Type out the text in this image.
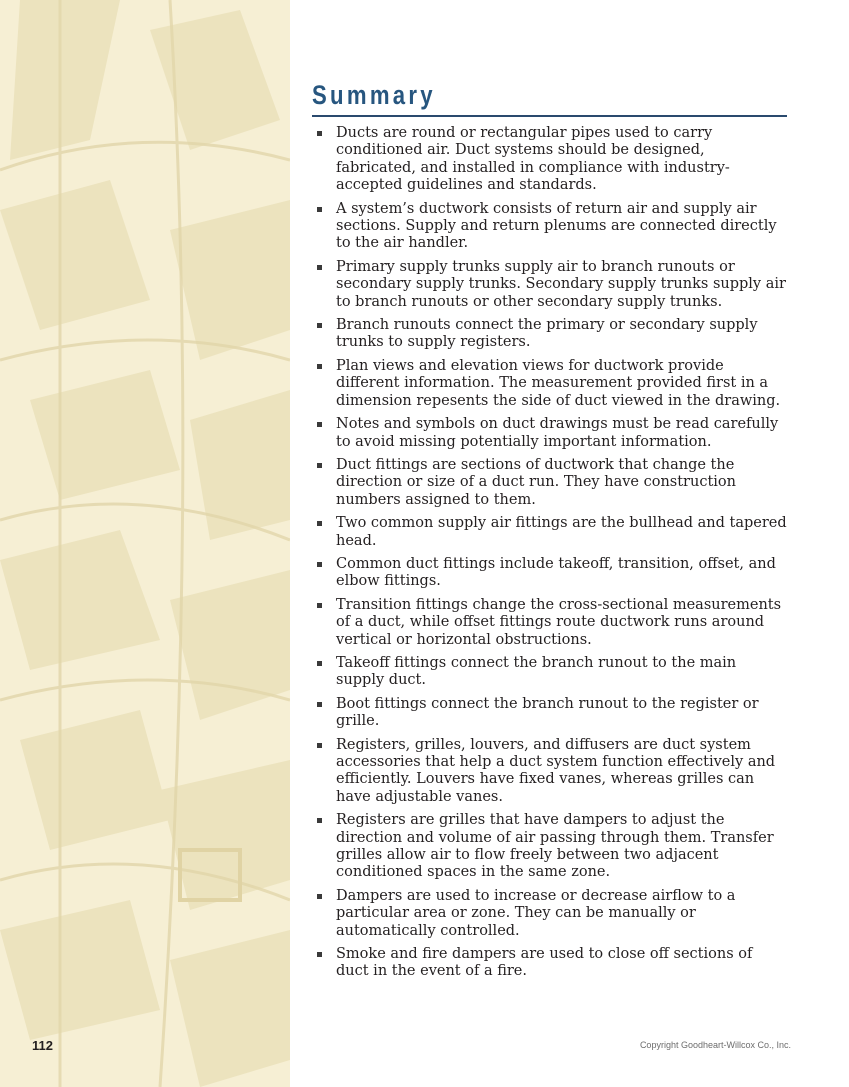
Summary
Ducts are round or rectangular pipes used to carry conditioned air. Duct systems should be designed, fabricated, and installed in compliance with industry-accepted guidelines and standards.
A system’s ductwork consists of return air and supply air sections. Supply and return plenums are connected directly to the air handler.
Primary supply trunks supply air to branch runouts or secondary supply trunks. Secondary supply trunks supply air to branch runouts or other secondary supply trunks.
Branch runouts connect the primary or secondary supply trunks to supply registers.
Plan views and elevation views for ductwork provide different information. The measurement provided first in a dimension repesents the side of duct viewed in the drawing.
Notes and symbols on duct drawings must be read carefully to avoid missing potentially important information.
Duct fittings are sections of ductwork that change the direction or size of a duct run. They have construction numbers assigned to them.
Two common supply air fittings are the bullhead and tapered head.
Common duct fittings include takeoff, transition, offset, and elbow fittings.
Transition fittings change the cross-sectional measurements of a duct, while offset fittings route ductwork runs around vertical or horizontal obstructions.
Takeoff fittings connect the branch runout to the main supply duct.
Boot fittings connect the branch runout to the register or grille.
Registers, grilles, louvers, and diffusers are duct system accessories that help a duct system function effectively and efficiently. Louvers have fixed vanes, whereas grilles can have adjustable vanes.
Registers are grilles that have dampers to adjust the direction and volume of air passing through them. Transfer grilles allow air to flow freely between two adjacent conditioned spaces in the same zone.
Dampers are used to increase or decrease airflow to a particular area or zone. They can be manually or automatically controlled.
Smoke and fire dampers are used to close off sections of duct in the event of a fire.
112	Copyright Goodheart-Willcox Co., Inc.
